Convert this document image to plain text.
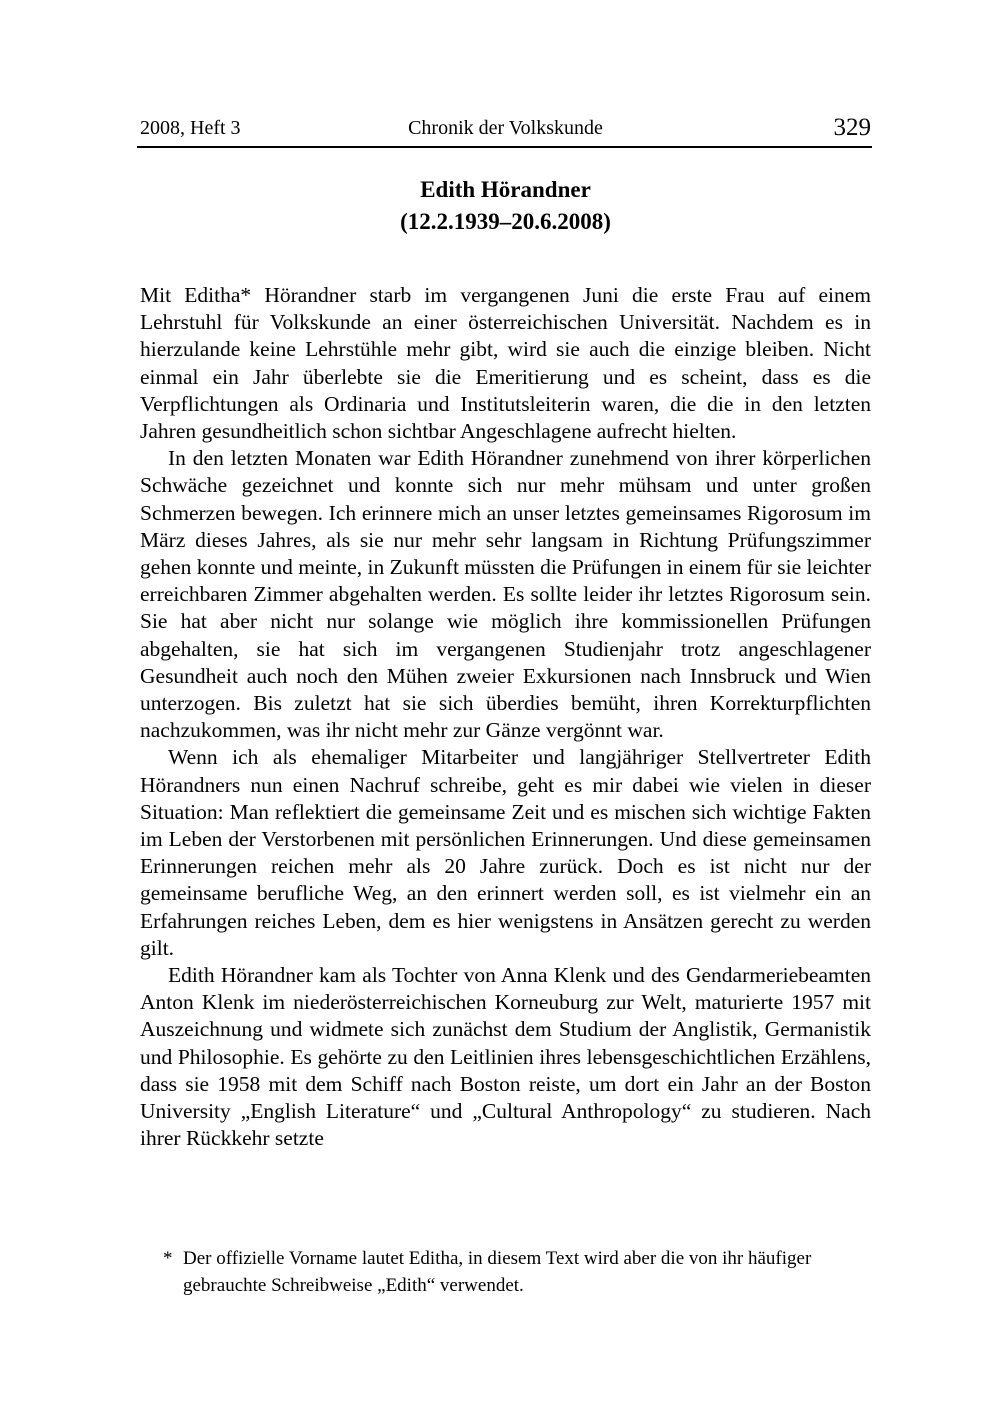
2008, Heft 3	Chronik der Volkskunde	329
Edith Hörandner
(12.2.1939–20.6.2008)

Mit Editha* Hörandner starb im vergangenen Juni die erste Frau auf einem Lehrstuhl für Volkskunde an einer österreichischen Universität. Nachdem es in hierzulande keine Lehrstühle mehr gibt, wird sie auch die einzige bleiben. Nicht einmal ein Jahr überlebte sie die Emeritierung und es scheint, dass es die Verpflichtungen als Ordinaria und Institutsleiterin waren, die die in den letzten Jahren gesundheitlich schon sichtbar Angeschlagene aufrecht hielten.

In den letzten Monaten war Edith Hörandner zunehmend von ihrer körperlichen Schwäche gezeichnet und konnte sich nur mehr mühsam und unter großen Schmerzen bewegen. Ich erinnere mich an unser letztes gemeinsames Rigorosum im März dieses Jahres, als sie nur mehr sehr langsam in Richtung Prüfungszimmer gehen konnte und meinte, in Zukunft müssten die Prüfungen in einem für sie leichter erreichbaren Zimmer abgehalten werden. Es sollte leider ihr letztes Rigorosum sein. Sie hat aber nicht nur solange wie möglich ihre kommissionellen Prüfungen abgehalten, sie hat sich im vergangenen Studienjahr trotz angeschlagener Gesundheit auch noch den Mühen zweier Exkursionen nach Innsbruck und Wien unterzogen. Bis zuletzt hat sie sich überdies bemüht, ihren Korrekturpflichten nachzukommen, was ihr nicht mehr zur Gänze vergönnt war.

Wenn ich als ehemaliger Mitarbeiter und langjähriger Stellvertreter Edith Hörandners nun einen Nachruf schreibe, geht es mir dabei wie vielen in dieser Situation: Man reflektiert die gemeinsame Zeit und es mischen sich wichtige Fakten im Leben der Verstorbenen mit persönlichen Erinnerungen. Und diese gemeinsamen Erinnerungen reichen mehr als 20 Jahre zurück. Doch es ist nicht nur der gemeinsame berufliche Weg, an den erinnert werden soll, es ist vielmehr ein an Erfahrungen reiches Leben, dem es hier wenigstens in Ansätzen gerecht zu werden gilt.

Edith Hörandner kam als Tochter von Anna Klenk und des Gendarmeriebeamten Anton Klenk im niederösterreichischen Korneuburg zur Welt, maturierte 1957 mit Auszeichnung und widmete sich zunächst dem Studium der Anglistik, Germanistik und Philosophie. Es gehörte zu den Leitlinien ihres lebensgeschichtlichen Erzählens, dass sie 1958 mit dem Schiff nach Boston reiste, um dort ein Jahr an der Boston University „English Literature“ und „Cultural Anthropology“ zu studieren. Nach ihrer Rückkehr setzte

* Der offizielle Vorname lautet Editha, in diesem Text wird aber die von ihr häufiger gebrauchte Schreibweise „Edith“ verwendet.
